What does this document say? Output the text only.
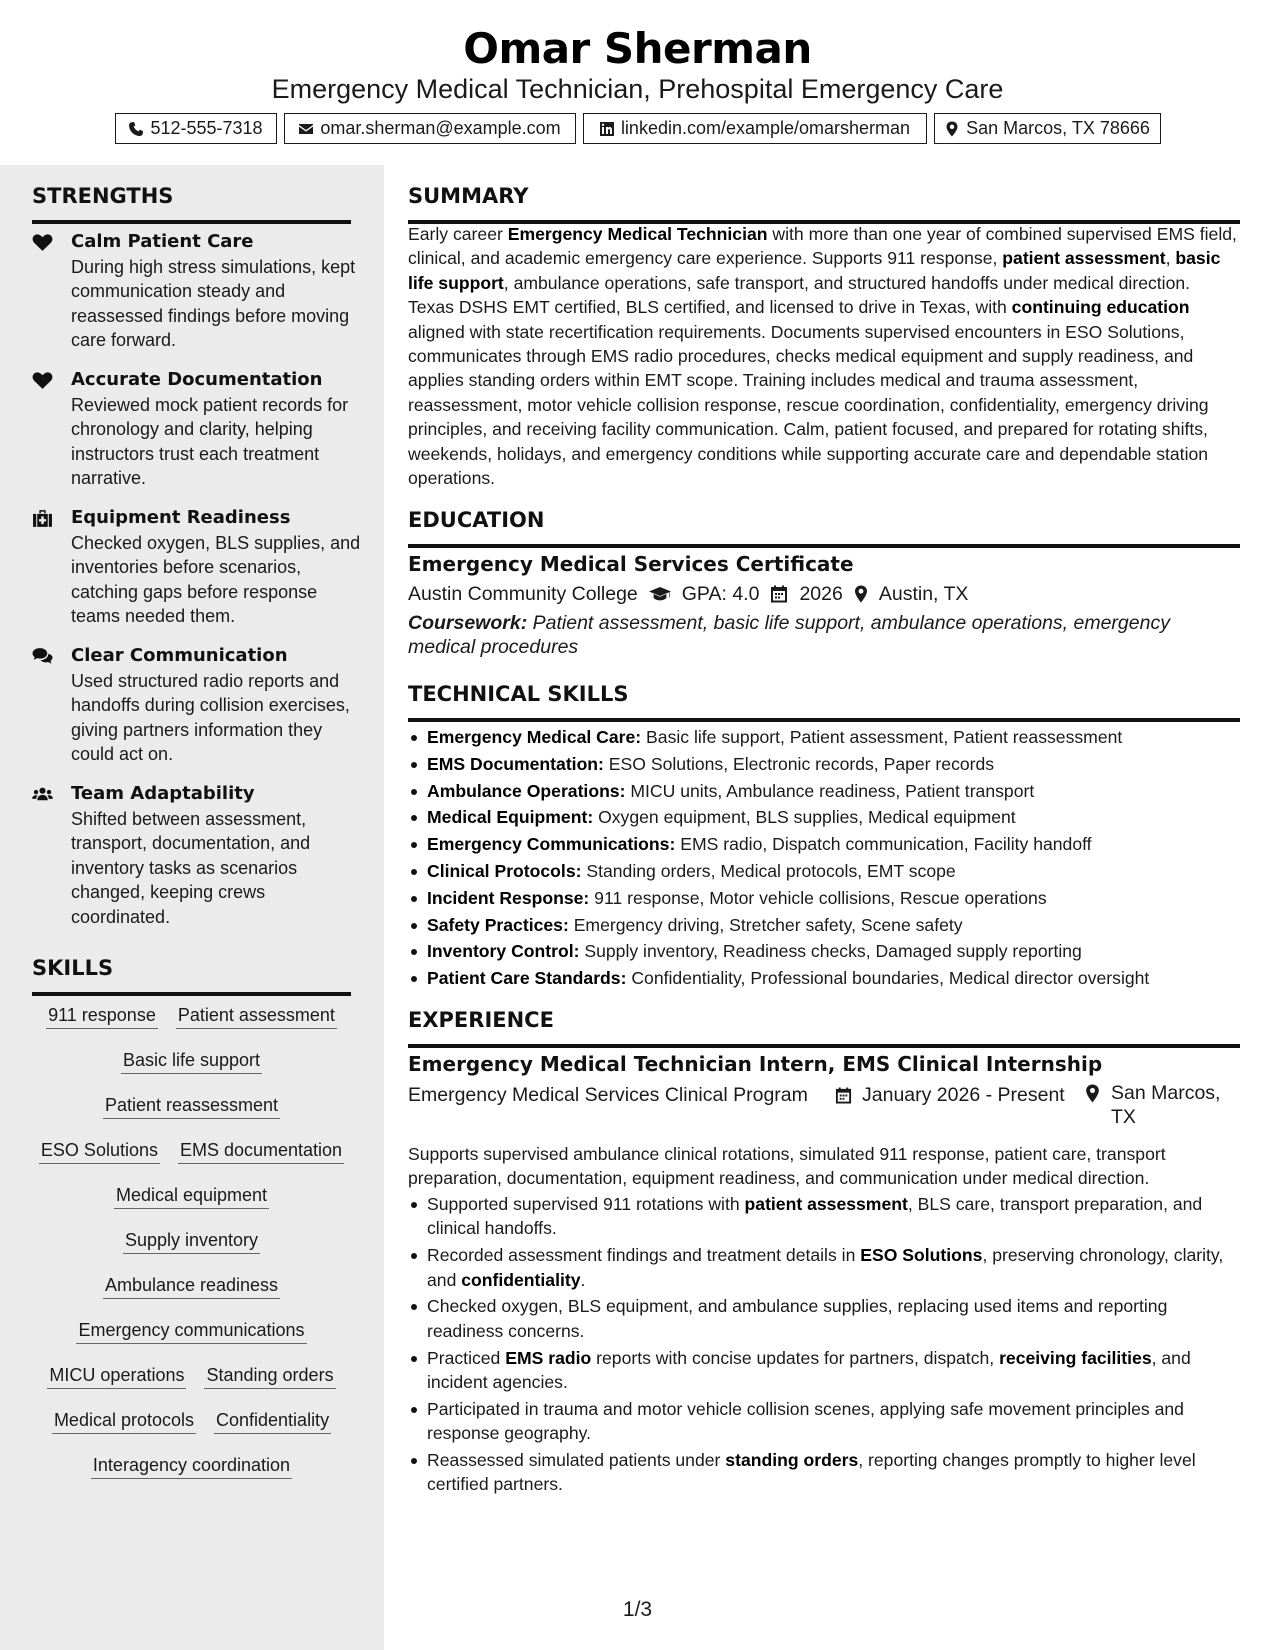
Omar Sherman
Emergency Medical Technician, Prehospital Emergency Care
512-555-7318	omar.sherman@example.com	linkedin.com/example/omarsherman	San Marcos, TX 78666
STRENGTHS
Calm Patient Care
During high stress simulations, kept communication steady and reassessed findings before moving care forward.
Accurate Documentation
Reviewed mock patient records for chronology and clarity, helping instructors trust each treatment narrative.
Equipment Readiness
Checked oxygen, BLS supplies, and inventories before scenarios, catching gaps before response teams needed them.
Clear Communication
Used structured radio reports and handoffs during collision exercises, giving partners information they could act on.
Team Adaptability
Shifted between assessment, transport, documentation, and inventory tasks as scenarios changed, keeping crews coordinated.
SKILLS
911 response Patient assessment
Basic life support
Patient reassessment
ESO Solutions EMS documentation
Medical equipment
Supply inventory
Ambulance readiness
Emergency communications
MICU operations Standing orders
Medical protocols Confidentiality
Interagency coordination
SUMMARY

Early career Emergency Medical Technician with more than one year of combined supervised EMS field, clinical, and academic emergency care experience. Supports 911 response, patient assessment, basic life support, ambulance operations, safe transport, and structured handoffs under medical direction. Texas DSHS EMT certified, BLS certified, and licensed to drive in Texas, with continuing education aligned with state recertification requirements. Documents supervised encounters in ESO Solutions, communicates through EMS radio procedures, checks medical equipment and supply readiness, and applies standing orders within EMT scope. Training includes medical and trauma assessment, reassessment, motor vehicle collision response, rescue coordination, confidentiality, emergency driving principles, and receiving facility communication. Calm, patient focused, and prepared for rotating shifts, weekends, holidays, and emergency conditions while supporting accurate care and dependable station operations.

EDUCATION
Emergency Medical Services Certificate
Austin Community College GPA: 4.0 2026 Austin, TX
Coursework: Patient assessment, basic life support, ambulance operations, emergency medical procedures
TECHNICAL SKILLS
Emergency Medical Care: Basic life support, Patient assessment, Patient reassessment
EMS Documentation: ESO Solutions, Electronic records, Paper records
Ambulance Operations: MICU units, Ambulance readiness, Patient transport
Medical Equipment: Oxygen equipment, BLS supplies, Medical equipment
Emergency Communications: EMS radio, Dispatch communication, Facility handoff
Clinical Protocols: Standing orders, Medical protocols, EMT scope
Incident Response: 911 response, Motor vehicle collisions, Rescue operations
Safety Practices: Emergency driving, Stretcher safety, Scene safety
Inventory Control: Supply inventory, Readiness checks, Damaged supply reporting
Patient Care Standards: Confidentiality, Professional boundaries, Medical director oversight
EXPERIENCE
Emergency Medical Technician Intern, EMS Clinical Internship
Emergency Medical Services Clinical Program	January 2026 - Present	San Marcos, TX

Supports supervised ambulance clinical rotations, simulated 911 response, patient care, transport preparation, documentation, equipment readiness, and communication under medical direction.

Supported supervised 911 rotations with patient assessment, BLS care, transport preparation, and clinical handoffs.
Recorded assessment findings and treatment details in ESO Solutions, preserving chronology, clarity, and confidentiality.
Checked oxygen, BLS equipment, and ambulance supplies, replacing used items and reporting readiness concerns.
Practiced EMS radio reports with concise updates for partners, dispatch, receiving facilities, and incident agencies.
Participated in trauma and motor vehicle collision scenes, applying safe movement principles and response geography.
Reassessed simulated patients under standing orders, reporting changes promptly to higher level certified partners.
1/3
